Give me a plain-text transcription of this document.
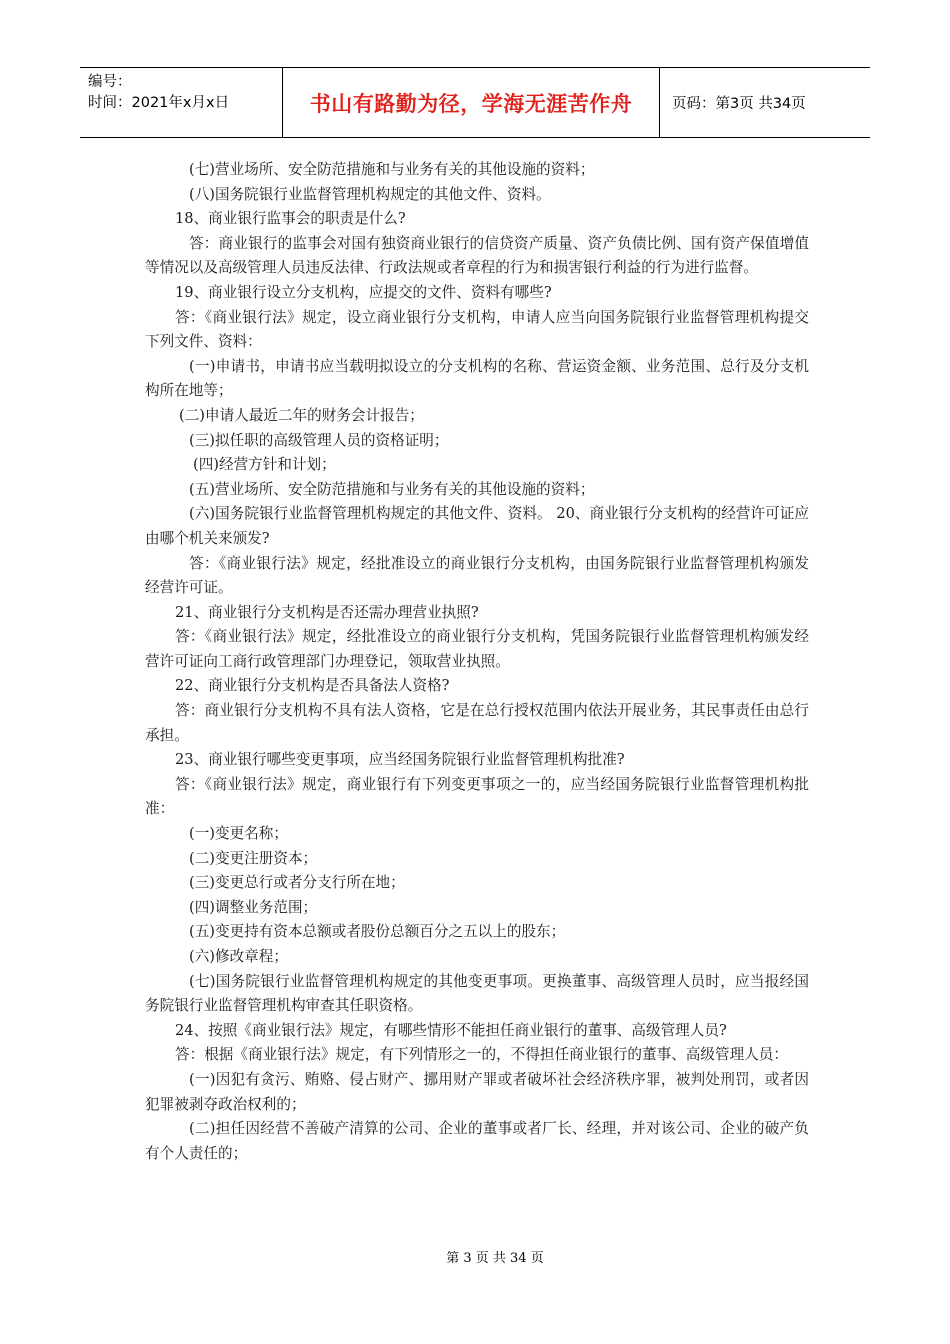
编号：
时间：2021年x月x日	书山有路勤为径，学海无涯苦作舟	页码：第3页 共34页

(七)营业场所、安全防范措施和与业务有关的其他设施的资料；

(八)国务院银行业监督管理机构规定的其他文件、资料。

18、商业银行监事会的职责是什么?

答：商业银行的监事会对国有独资商业银行的信贷资产质量、资产负债比例、国有资产保值增值等情况以及高级管理人员违反法律、行政法规或者章程的行为和损害银行利益的行为进行监督。

19、商业银行设立分支机构，应提交的文件、资料有哪些?

答：《商业银行法》规定，设立商业银行分支机构，申请人应当向国务院银行业监督管理机构提交下列文件、资料：

(一)申请书，申请书应当载明拟设立的分支机构的名称、营运资金额、业务范围、总行及分支机构所在地等；

(二)申请人最近二年的财务会计报告；

(三)拟任职的高级管理人员的资格证明；

(四)经营方针和计划；

(五)营业场所、安全防范措施和与业务有关的其他设施的资料；

(六)国务院银行业监督管理机构规定的其他文件、资料。 20、商业银行分支机构的经营许可证应由哪个机关来颁发?

答：《商业银行法》规定，经批准设立的商业银行分支机构，由国务院银行业监督管理机构颁发经营许可证。

21、商业银行分支机构是否还需办理营业执照?

答：《商业银行法》规定，经批准设立的商业银行分支机构，凭国务院银行业监督管理机构颁发经营许可证向工商行政管理部门办理登记，领取营业执照。

22、商业银行分支机构是否具备法人资格?

答：商业银行分支机构不具有法人资格，它是在总行授权范围内依法开展业务，其民事责任由总行承担。

23、商业银行哪些变更事项，应当经国务院银行业监督管理机构批准?

答：《商业银行法》规定，商业银行有下列变更事项之一的，应当经国务院银行业监督管理机构批准：

(一)变更名称；

(二)变更注册资本；

(三)变更总行或者分支行所在地；

(四)调整业务范围；

(五)变更持有资本总额或者股份总额百分之五以上的股东；

(六)修改章程；

(七)国务院银行业监督管理机构规定的其他变更事项。更换董事、高级管理人员时，应当报经国务院银行业监督管理机构审查其任职资格。

24、按照《商业银行法》规定，有哪些情形不能担任商业银行的董事、高级管理人员?

答：根据《商业银行法》规定，有下列情形之一的，不得担任商业银行的董事、高级管理人员：

(一)因犯有贪污、贿赂、侵占财产、挪用财产罪或者破坏社会经济秩序罪，被判处刑罚，或者因犯罪被剥夺政治权利的；

(二)担任因经营不善破产清算的公司、企业的董事或者厂长、经理，并对该公司、企业的破产负有个人责任的；

第 3 页 共 34 页
